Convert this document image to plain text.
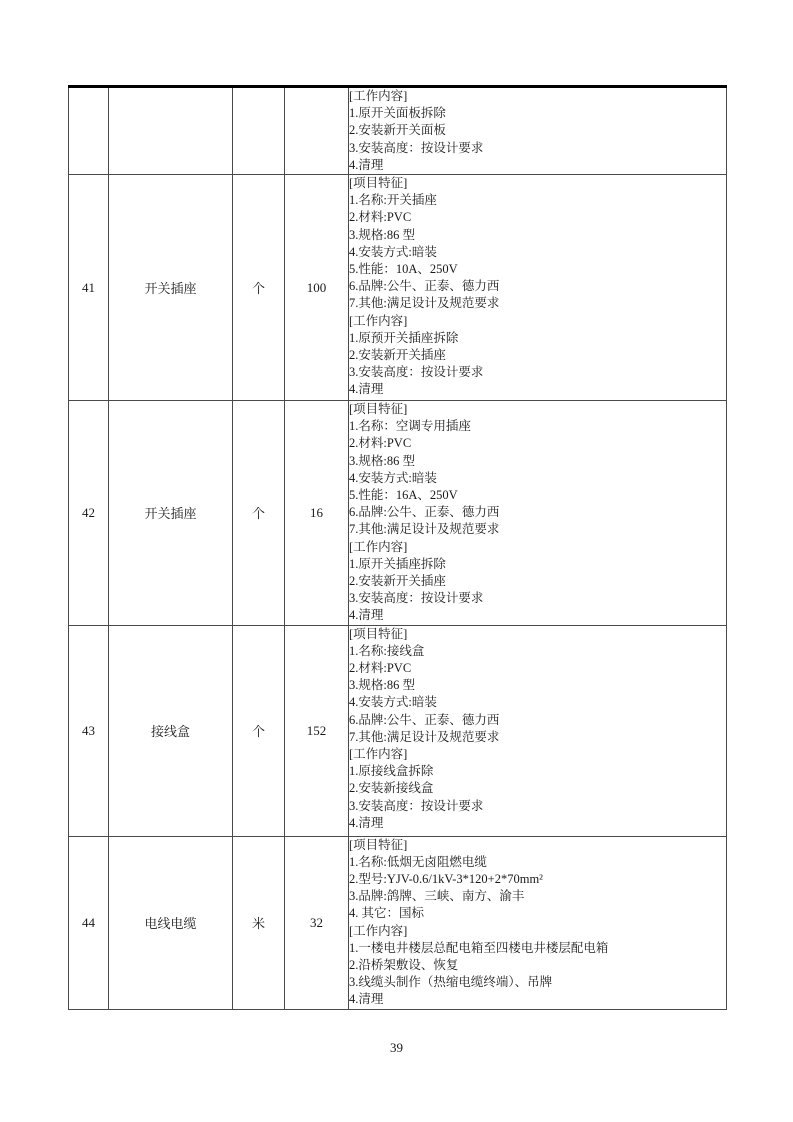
				[工作内容]
1.原开关面板拆除
2.安装新开关面板
3.安装高度：按设计要求
4.清理

41	开关插座	个	100	
[项目特征]
1.名称:开关插座
2.材料:PVC
3.规格:86 型
4.安装方式:暗装
5.性能：10A、250V
6.品牌:公牛、正泰、德力西
7.其他:满足设计及规范要求
[工作内容]
1.原预开关插座拆除
2.安装新开关插座
3.安装高度：按设计要求
4.清理

42	开关插座	个	16	
[项目特征]
1.名称：空调专用插座
2.材料:PVC
3.规格:86 型
4.安装方式:暗装
5.性能：16A、250V
6.品牌:公牛、正泰、德力西
7.其他:满足设计及规范要求
[工作内容]
1.原开关插座拆除
2.安装新开关插座
3.安装高度：按设计要求
4.清理

43	接线盒	个	152	
[项目特征]
1.名称:接线盒
2.材料:PVC
3.规格:86 型
4.安装方式:暗装
6.品牌:公牛、正泰、德力西
7.其他:满足设计及规范要求
[工作内容]
1.原接线盒拆除
2.安装新接线盒
3.安装高度：按设计要求
4.清理

44	电线电缆	米	32	
[项目特征]
1.名称:低烟无卤阻燃电缆
2.型号:YJV-0.6/1kV-3*120+2*70mm²
3.品牌:鸽牌、三峡、南方、渝丰
4. 其它：国标
[工作内容]
1.一楼电井楼层总配电箱至四楼电井楼层配电箱
2.沿桥架敷设、恢复
3.线缆头制作（热缩电缆终端）、吊牌
4.清理
39
